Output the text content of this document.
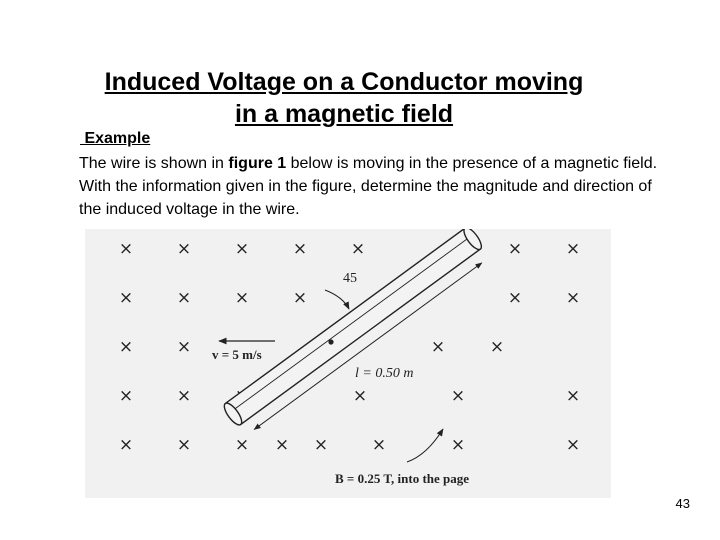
Induced Voltage on a Conductor moving
in a magnetic field
Example
The wire is shown in figure 1 below is moving in the presence of a magnetic field. With the information given in the figure, determine the magnitude and direction of the induced voltage in the wire.
×	×	×	×	×	×	×
×	×	×	×	×	×
×	×	×	×
×	×	×	×	×
×	×	× × ×	×	×	×
45
v = 5 m/s
l = 0.50 m
B = 0.25 T, into the page
43
